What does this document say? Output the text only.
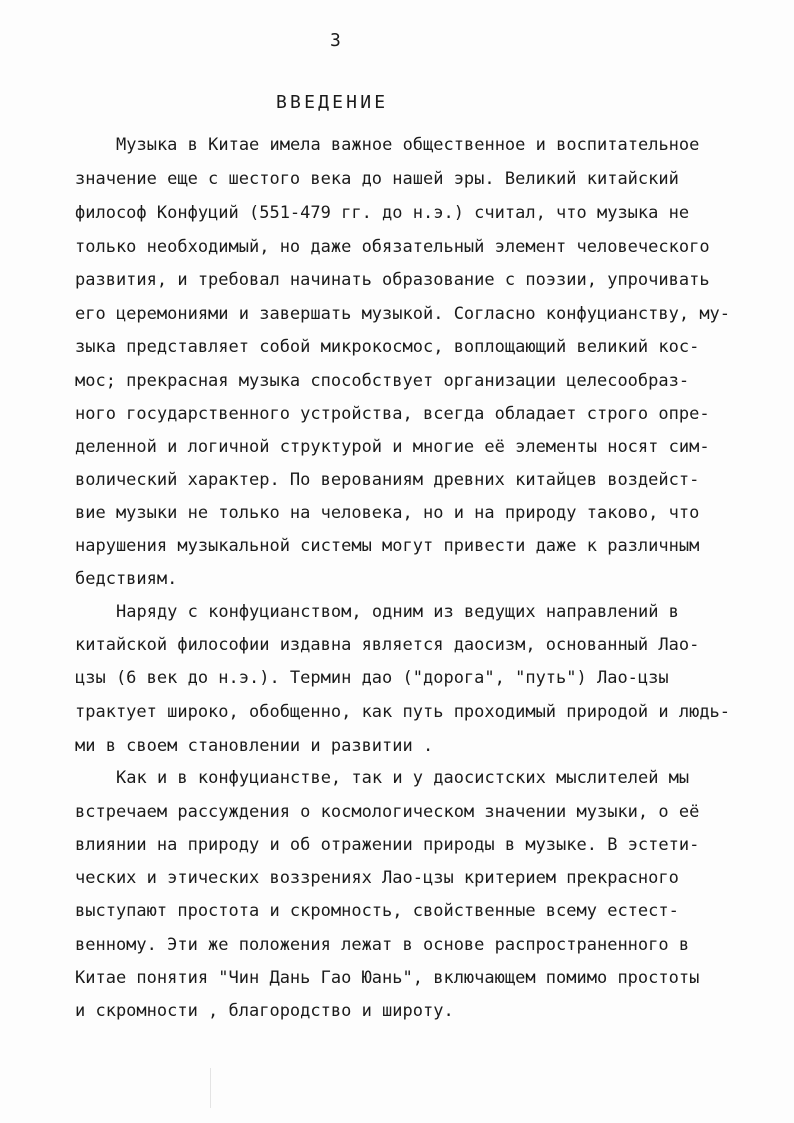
3
ВВЕДЕНИЕ
Музыка в Китае имела важное общественное и воспитательное
значение еще с шестого века до нашей эры. Великий китайский
философ Конфуций (551-479 гг. до н.э.) считал, что музыка не
только необходимый, но даже обязательный элемент человеческого
развития, и требовал начинать образование с поэзии, упрочивать
его церемониями и завершать музыкой. Согласно конфуцианству, му-
зыка представляет собой микрокосмос, воплощающий великий кос-
мос; прекрасная музыка способствует организации целесообраз-
ного государственного устройства, всегда обладает строго опре-
деленной и логичной структурой и многие её элементы носят сим-
волический характер. По верованиям древних китайцев воздейст-
вие музыки не только на человека, но и на природу таково, что
нарушения музыкальной системы могут привести даже к различным
бедствиям.
Наряду с конфуцианством, одним из ведущих направлений в
китайской философии издавна является даосизм, основанный Лао-
цзы (6 век до н.э.). Термин дао ("дорога", "путь") Лао-цзы
трактует широко, обобщенно, как путь проходимый природой и людь-
ми в своем становлении и развитии .
Как и в конфуцианстве, так и у даосистских мыслителей мы
встречаем рассуждения о космологическом значении музыки, о её
влиянии на природу и об отражении природы в музыке. В эстети-
ческих и этических воззрениях Лао-цзы критерием прекрасного
выступают простота и скромность, свойственные всему естест-
венному. Эти же положения лежат в основе распространенного в
Китае понятия "Чин Дань Гао Юань", включающем помимо простоты
и скромности , благородство и широту.
